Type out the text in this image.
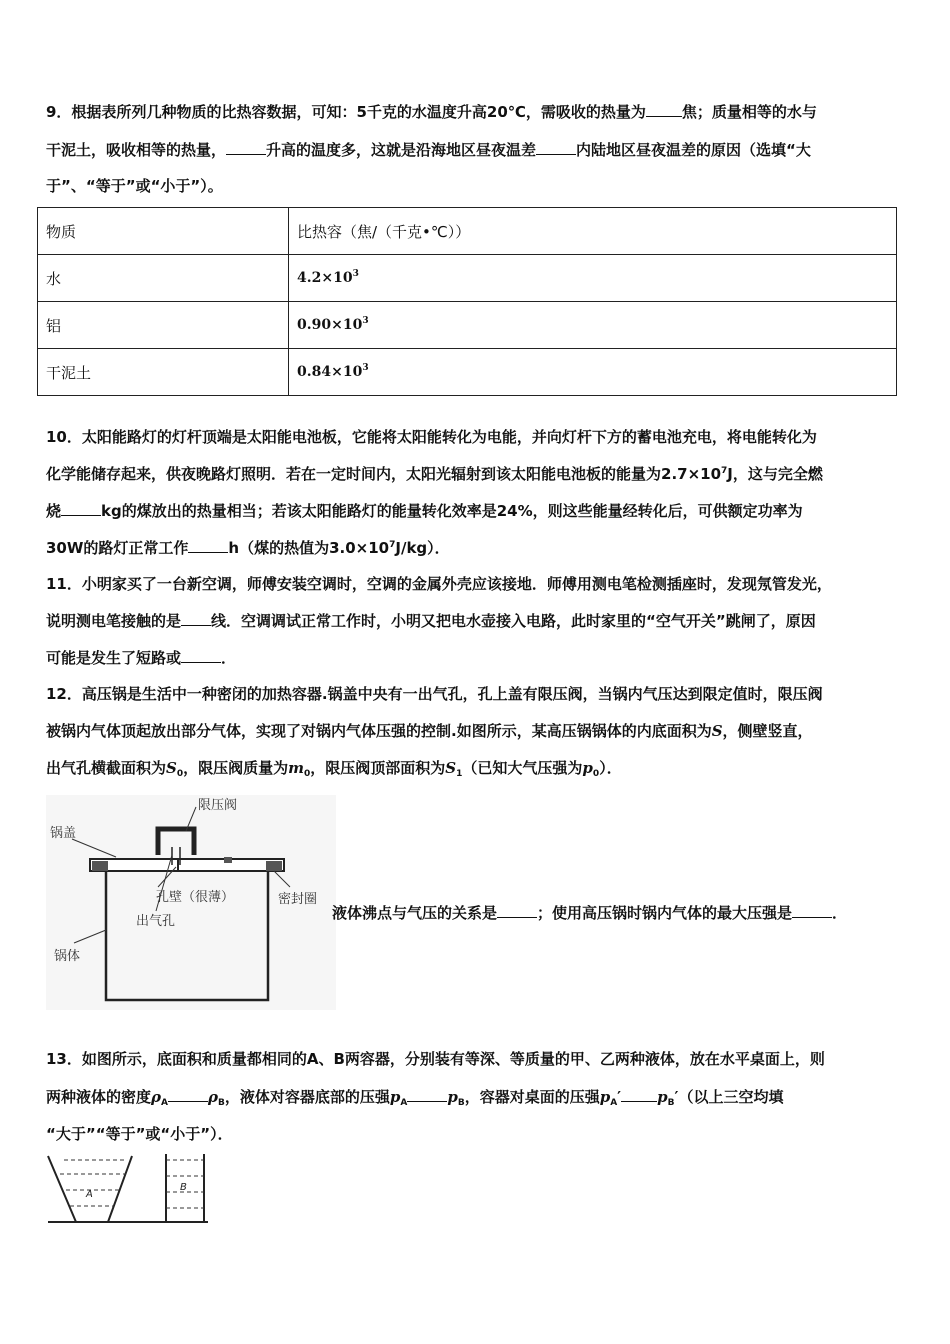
9．根据表所列几种物质的比热容数据，可知：5千克的水温度升高20℃，需吸收的热量为 焦；质量相等的水与
干泥土，吸收相等的热量，	升高的温度多，这就是沿海地区昼夜温差	内陆地区昼夜温差的原因（选填“大
于”、“等于”或“小于”）。
物质	比热容（焦/（千克•℃））
水	$4.2\times 10^3$
铝	$0.90\times 10^3$
干泥土	$0.84\times 10^3$
10．太阳能路灯的灯杆顶端是太阳能电池板，它能将太阳能转化为电能，并向灯杆下方的蓄电池充电，将电能转化为
化学能储存起来，供夜晚路灯照明．若在一定时间内，太阳光辐射到该太阳能电池板的能量为$2.7\times 10^7J$，这与完全燃
烧	kg的煤放出的热量相当；若该太阳能路灯的能量转化效率是24%，则这些能量经转化后，可供额定功率为
30W的路灯正常工作	h（煤的热值为$3.0\times 10^7J/kg$）．
11．小明家买了一台新空调，师傅安装空调时，空调的金属外壳应该接地．师傅用测电笔检测插座时，发现氖管发光，
说明测电笔接触的是 线．空调调试正常工作时，小明又把电水壶接入电路，此时家里的“空气开关”跳闸了，原因
可能是发生了短路或	．
12．高压锅是生活中一种密闭的加热容器.锅盖中央有一出气孔，孔上盖有限压阀，当锅内气压达到限定值时，限压阀
被锅内气体顶起放出部分气体，实现了对锅内气体压强的控制.如图所示，某高压锅锅体的内底面积为S，侧壁竖直，
出气孔横截面积为$S_0$，限压阀质量为$m_0$，限压阀顶部面积为$S_1$（已知大气压强为$p_0$）．
限压阀
锅盖
孔壁（很薄）	密封圈
出气孔
锅体
液体沸点与气压的关系是	；使用高压锅时锅内气体的最大压强是	．
13．如图所示，底面积和质量都相同的A、B两容器，分别装有等深、等质量的甲、乙两种液体，放在水平桌面上，则
两种液体的密度$\rho_A$	$\rho_B$，液体对容器底部的压强$p_A$	$p_B$，容器对桌面的压强$p_A'$ $p_B'$（以上三空均填
“大于”“等于”或“小于”）．
A
B
